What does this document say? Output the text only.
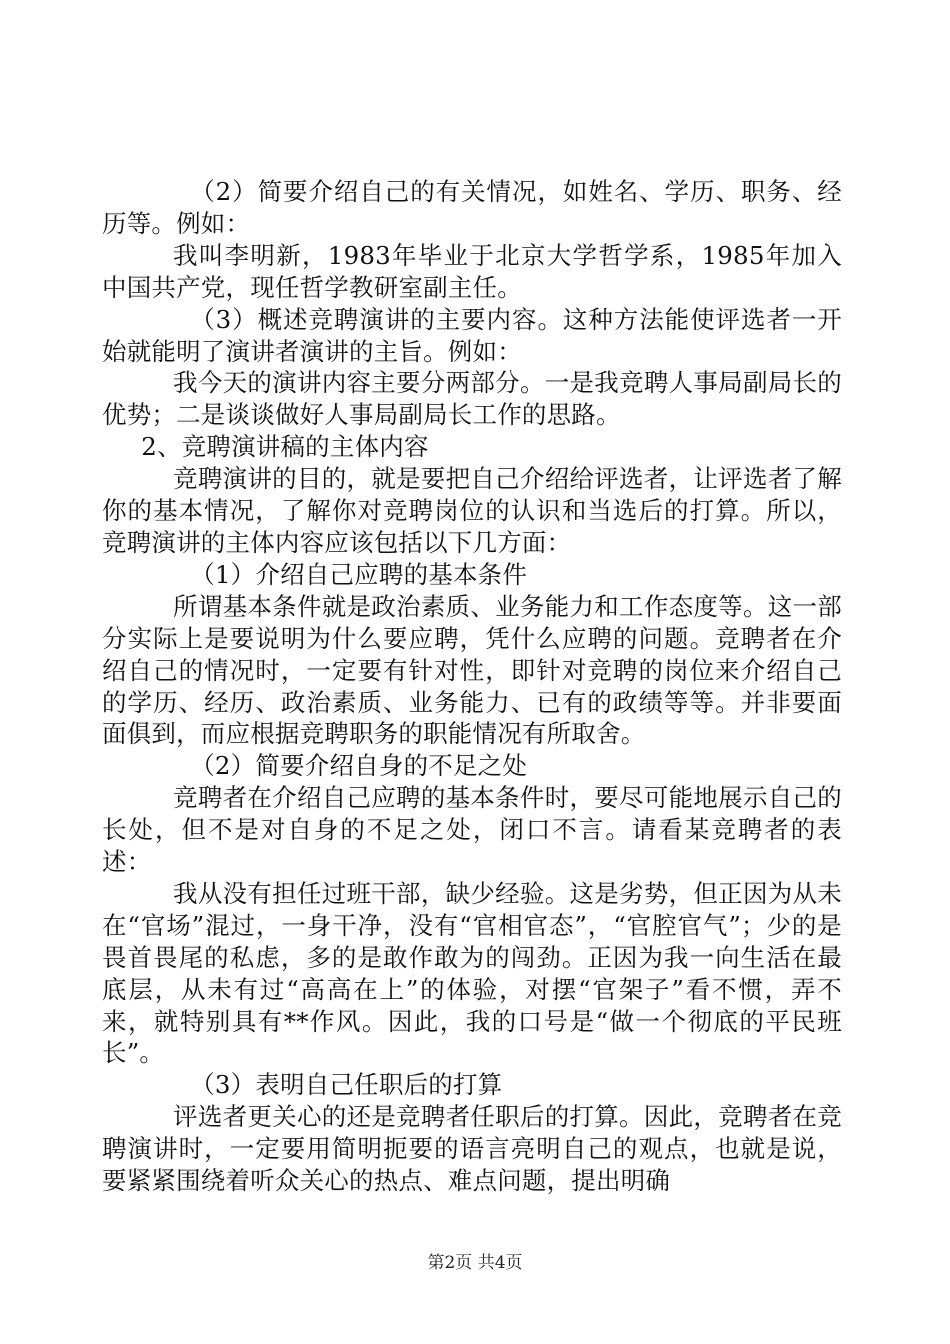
（2）简要介绍自己的有关情况，如姓名、学历、职务、经历等。例如：

我叫李明新，1983年毕业于北京大学哲学系，1985年加入中国共产党，现任哲学教研室副主任。

（3）概述竞聘演讲的主要内容。这种方法能使评选者一开始就能明了演讲者演讲的主旨。例如：

我今天的演讲内容主要分两部分。一是我竞聘人事局副局长的优势；二是谈谈做好人事局副局长工作的思路。

2、竞聘演讲稿的主体内容

竞聘演讲的目的，就是要把自己介绍给评选者，让评选者了解你的基本情况，了解你对竞聘岗位的认识和当选后的打算。所以，竞聘演讲的主体内容应该包括以下几方面：

（1）介绍自己应聘的基本条件

所谓基本条件就是政治素质、业务能力和工作态度等。这一部分实际上是要说明为什么要应聘，凭什么应聘的问题。竞聘者在介绍自己的情况时，一定要有针对性，即针对竞聘的岗位来介绍自己的学历、经历、政治素质、业务能力、已有的政绩等等。并非要面面俱到，而应根据竞聘职务的职能情况有所取舍。

（2）简要介绍自身的不足之处

竞聘者在介绍自己应聘的基本条件时，要尽可能地展示自己的长处，但不是对自身的不足之处，闭口不言。请看某竞聘者的表述：

我从没有担任过班干部，缺少经验。这是劣势，但正因为从未在“官场”混过，一身干净，没有“官相官态”，“官腔官气”；少的是畏首畏尾的私虑，多的是敢作敢为的闯劲。正因为我一向生活在最底层，从未有过“高高在上”的体验，对摆“官架子”看不惯，弄不来，就特别具有**作风。因此，我的口号是“做一个彻底的平民班长”。

（3）表明自己任职后的打算

评选者更关心的还是竞聘者任职后的打算。因此，竞聘者在竞聘演讲时，一定要用简明扼要的语言亮明自己的观点，也就是说，要紧紧围绕着听众关心的热点、难点问题，提出明确

第2页 共4页
